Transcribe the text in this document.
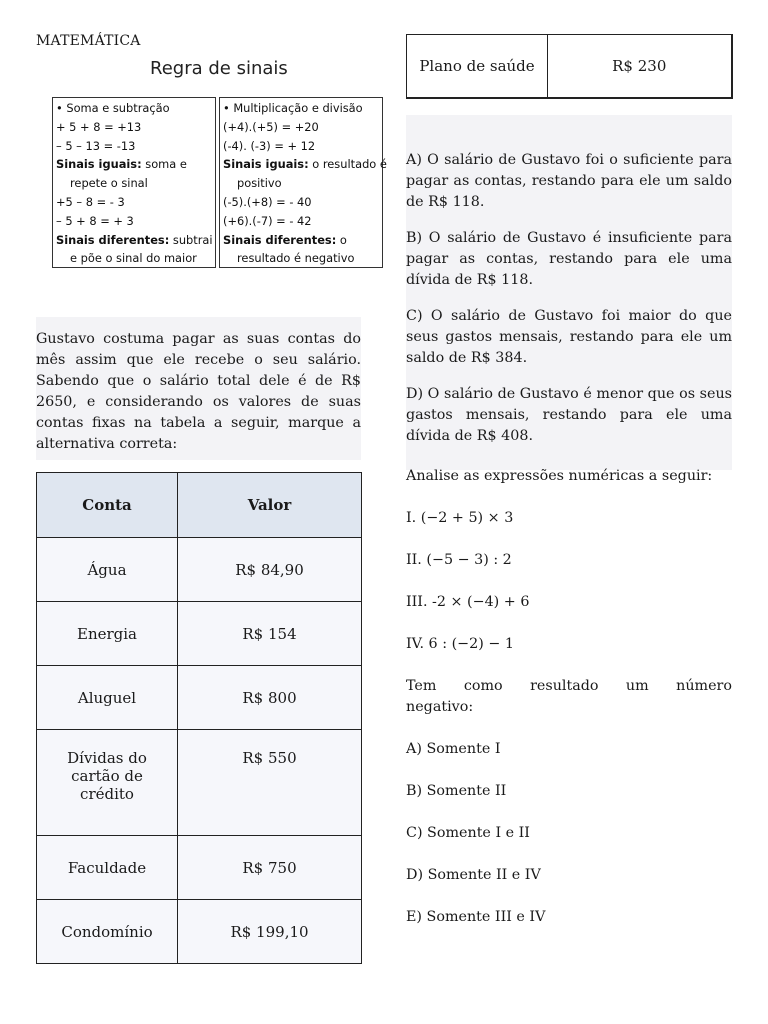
MATEMÁTICA
Regra de sinais
• Soma e subtração
+ 5 + 8 = +13
– 5 – 13 = -13
Sinais iguais: soma e
repete o sinal
+5 – 8 = - 3
– 5 + 8 = + 3
Sinais diferentes: subtrai
e põe o sinal do maior
• Multiplicação e divisão
(+4).(+5) = +20
(-4). (-3) = + 12
Sinais iguais: o resultado é
positivo
(-5).(+8) = - 40
(+6).(-7) = - 42
Sinais diferentes: o
resultado é negativo
Gustavo costuma pagar as suas contas do mês assim que ele recebe o seu salário. Sabendo que o salário total dele é de R$ 2650, e considerando os valores de suas contas fixas na tabela a seguir, marque a alternativa correta:
Conta	Valor
Água	R$ 84,90
Energia	R$ 154
Aluguel	R$ 800
Dívidas do cartão de crédito	R$ 550
Faculdade	R$ 750
Condomínio	R$ 199,10
Plano de saúde	R$ 230

A) O salário de Gustavo foi o suficiente para pagar as contas, restando para ele um saldo de R$ 118.

B) O salário de Gustavo é insuficiente para pagar as contas, restando para ele uma dívida de R$ 118.

C) O salário de Gustavo foi maior do que seus gastos mensais, restando para ele um saldo de R$ 384.

D) O salário de Gustavo é menor que os seus gastos mensais, restando para ele uma dívida de R$ 408.

Analise as expressões numéricas a seguir:

I. (−2 + 5) × 3

II. (−5 − 3) : 2

III. -2 × (−4) + 6

IV. 6 : (−2) − 1

Tem como resultado um número

negativo:

A) Somente I

B) Somente II

C) Somente I e II

D) Somente II e IV

E) Somente III e IV
